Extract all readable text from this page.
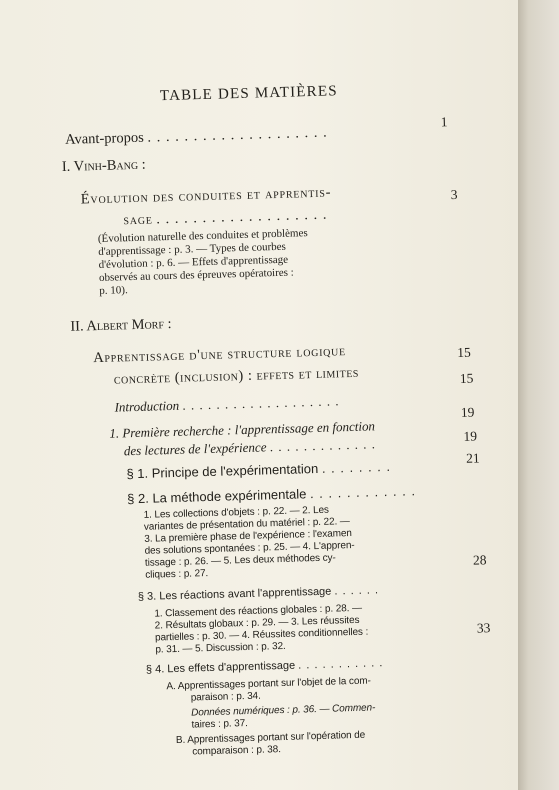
TABLE DES MATIÈRES
Avant-propos . . . . . . . . . . . . . . . . . . . .
1
I. Vinh-Bang :
Évolution des conduites et apprentis-
sage . . . . . . . . . . . . . . . . . . .
3
(Évolution naturelle des conduites et problèmes
d'apprentissage : p. 3. — Types de courbes
d'évolution : p. 6. — Effets d'apprentissage
observés au cours des épreuves opératoires :
p. 10).
II. Albert Morf :
Apprentissage d'une structure logique
concrète (inclusion) : effets et limites
15
Introduction . . . . . . . . . . . . . . . . . . .
15
1. Première recherche : l'apprentissage en fonction
des lectures de l'expérience . . . . . . . . . . . . .
19
§ 1. Principe de l'expérimentation . . . . . . . .
19
§ 2. La méthode expérimentale . . . . . . . . . . . .
21
1. Les collections d'objets : p. 22. — 2. Les
variantes de présentation du matériel : p. 22. —
3. La première phase de l'expérience : l'examen
des solutions spontanées : p. 25. — 4. L'appren-
tissage : p. 26. — 5. Les deux méthodes cy-
cliques : p. 27.
§ 3. Les réactions avant l'apprentissage . . . . . .
28
1. Classement des réactions globales : p. 28. —
2. Résultats globaux : p. 29. — 3. Les réussites
partielles : p. 30. — 4. Réussites conditionnelles :
p. 31. — 5. Discussion : p. 32.
§ 4. Les effets d'apprentissage . . . . . . . . . . .
33
A. Apprentissages portant sur l'objet de la com-
paraison : p. 34.
Données numériques : p. 36. — Commen-
taires : p. 37.
B. Apprentissages portant sur l'opération de
comparaison : p. 38.
